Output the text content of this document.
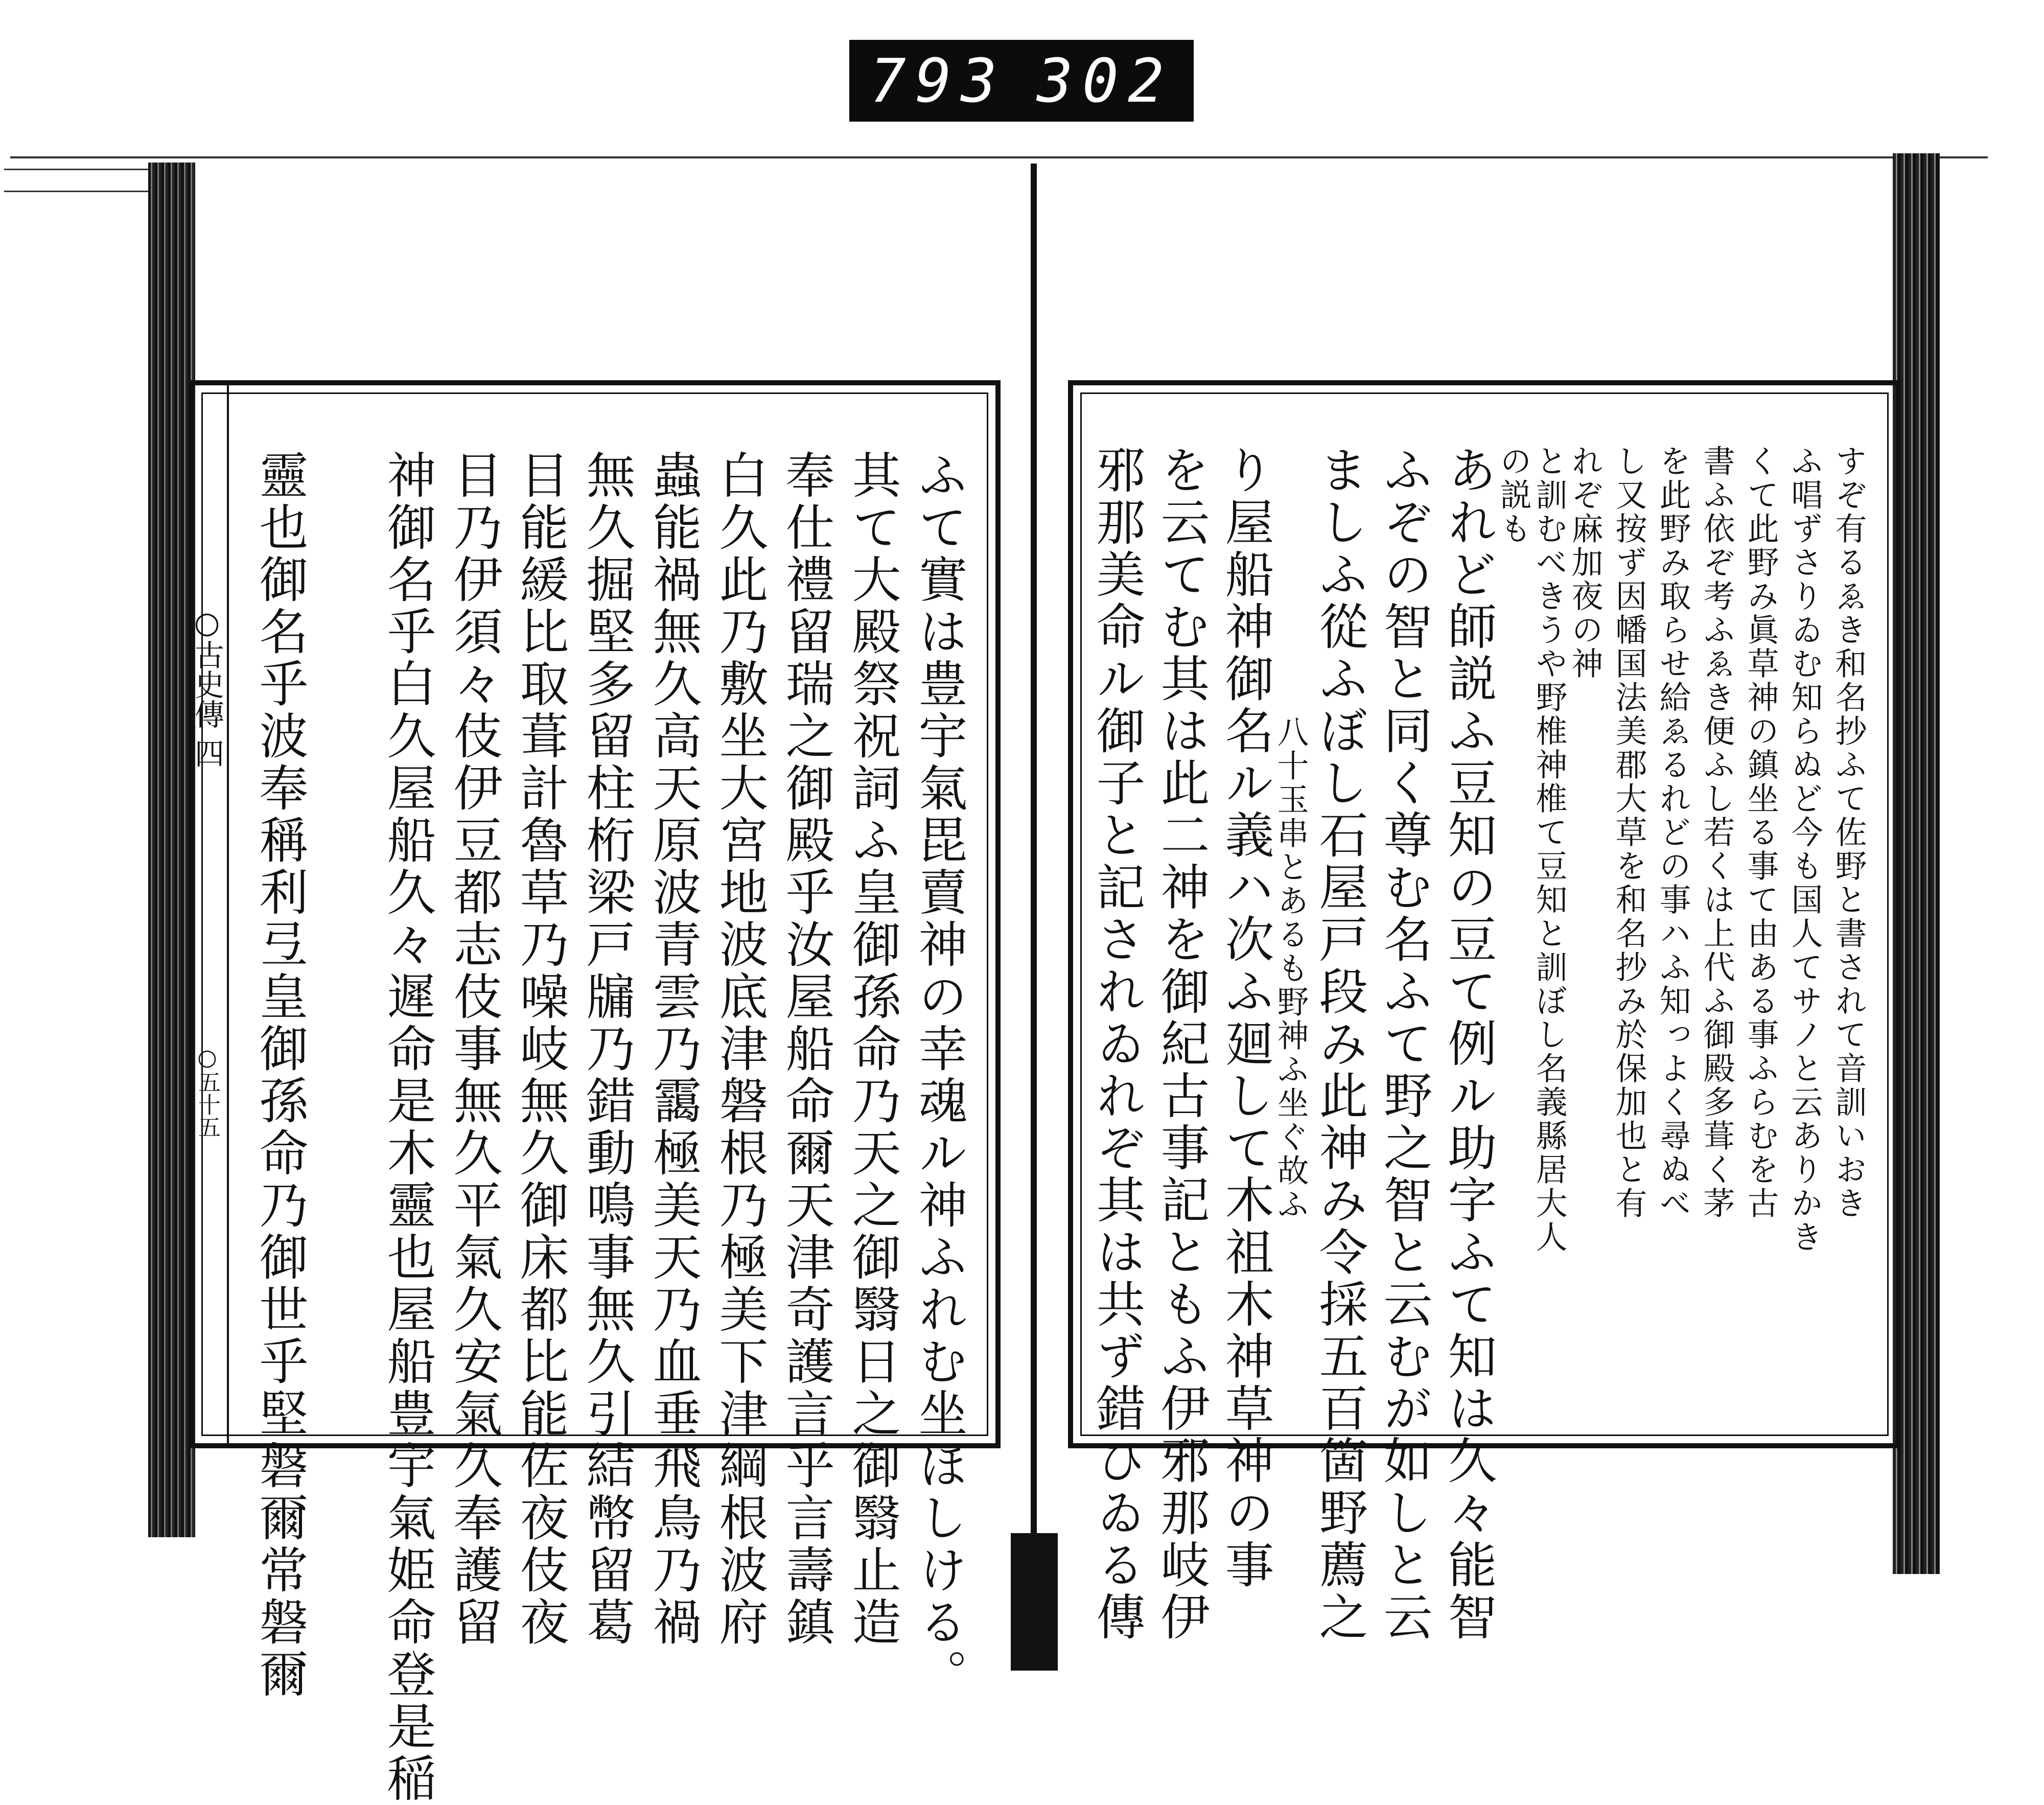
793 302
○古史傳 四
○五十五	ふて實は豊宇氣毘賣神の幸魂ル神ふれむ坐ほしける。
其て大殿祭祝詞ふ皇御孫命乃天之御翳日之御翳止造
奉仕禮留瑞之御殿乎汝屋船命爾天津奇護言乎言壽鎮
白久此乃敷坐大宮地波底津磐根乃極美下津綱根波府
蟲能禍無久高天原波青雲乃靄極美天乃血垂飛鳥乃禍
無久掘堅多留柱桁梁戸牖乃錯動鳴事無久引結幣留葛
目能緩比取葺計魯草乃噪岐無久御床都比能佐夜伎夜
目乃伊須々伎伊豆都志伎事無久平氣久安氣久奉護留
神御名乎白久屋船久々遲命是木靈也屋船豊宇氣姫命登是稲
靈也御名乎波奉稱利弖皇御孫命乃御世乎堅磐爾常磐爾	すぞ有るゑき和名抄ふて佐野と書されて音訓いおき
ふ唱ずさりゐむ知らぬど今も国人てサノと云ありかき
くて此野み眞草神の鎮坐る事て由ある事ふらむを古
書ふ依ぞ考ふゑき便ふし若くは上代ふ御殿多葺く茅
を此野み取らせ給ゑるれどの事ハふ知っよく尋ぬべ
し又按ず因幡国法美郡大草を和名抄み於保加也と有
れぞ麻加夜の神
と訓むべきうや野椎神椎て豆知と訓ぼし名義縣居大人
の説も
あれど師説ふ豆知の豆て例ル助字ふて知は久々能智
ふぞの智と同く尊む名ふて野之智と云むが如しと云
ましふ從ふぼし石屋戸段み此神み令採五百箇野薦之
八十玉串とあるも野神ふ坐ぐ故ふ
り屋船神御名ル義ハ次ふ廻して木祖木神草神の事
を云てむ其は此二神を御紀古事記ともふ伊邪那岐伊
邪那美命ル御子と記されゐれぞ其は共ず錯ひゐる傳
